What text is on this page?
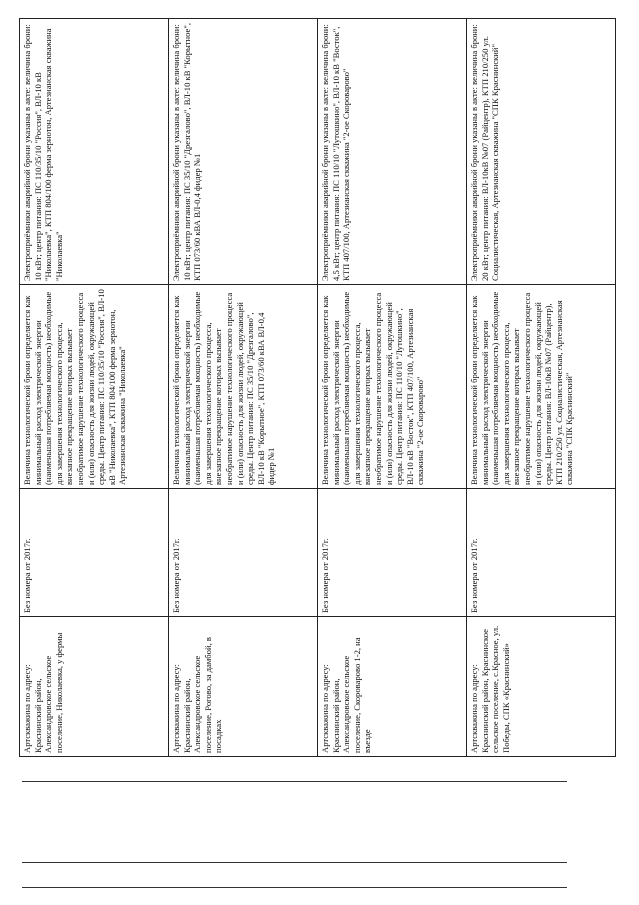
Артскважина по адресу: Краснинский район, Александровское сельское поселение, Николаевка, у фермы	Без номера от 2017г.	Величина технологической брони определяется как минимальный расход электрической энергии (наименьшая потребляемая мощность) необходимые для завершения технологического процесса, внезапное прекращение которых вызывает необратимое нарушение технологического процесса и (или) опасность для жизни людей, окружающей среды. Центр питания: ПС 110/35/10 "Россия", ВЛ-10 кВ "Николаевка", КТП 804/100 ферма зернотон, Артезианская скважина "Николаевка"	Электроприёмники аварийной брони указаны в акте: величина брони: 10 кВт; центр питания: ПС 110/35/10 "Россия", ВЛ-10 кВ "Николаевка", КТП 804/100 ферма зернотон, Артезианская скважина "Николаевка"
Артскважина по адресу: Краснинский район, Александровское сельское поселение, Рогово, за дамбой, в посадках	Без номера от 2017г.	Величина технологической брони определяется как минимальный расход электрической энергии (наименьшая потребляемая мощность) необходимые для завершения технологического процесса, внезапное прекращение которых вызывает необратимое нарушение технологического процесса и (или) опасность для жизни людей, окружающей среды. Центр питания: ПС 35/10 "Дрезгалово", ВЛ-10 кВ "Корытное", КТП 073/60 кВА ВЛ-0,4 фидер №1	Электроприёмники аварийной брони указаны в акте: величина брони: 10 кВт; центр питания: ПС 35/10 "Дрезгалово", ВЛ-10 кВ "Корытное", КТП 073/60 кВА ВЛ-0,4 фидер №1
Артскважина по адресу: Краснинский район, Александровское сельское поселение, Скороварово 1-2, на въезде	Без номера от 2017г.	Величина технологической брони определяется как минимальный расход электрической энергии (наименьшая потребляемая мощность) необходимые для завершения технологического процесса, внезапное прекращение которых вызывает необратимое нарушение технологического процесса и (или) опасность для жизни людей, окружающей среды. Центр питания: ПС 110/10 "Лутошкино", ВЛ-10 кВ "Восток", КТП 407/100, Артезианская скважина "2-ое Скороварово"	Электроприёмники аварийной брони указаны в акте: величина брони: 4,5 кВт; центр питания: ПС 110/10 "Лутошкино", ВЛ-10 кВ "Восток", КТП 407/100, Артезианская скважина "2-ое Скороварово"
Артскважина по адресу: Краснинский район, Краснинское сельское поселение, с.Красное, ул. Победы, СПК «Краснинский»	Без номера от 2017г.	Величина технологической брони определяется как минимальный расход электрической энергии (наименьшая потребляемая мощность) необходимые для завершения технологического процесса, внезапное прекращение которых вызывает необратимое нарушение технологического процесса и (или) опасность для жизни людей, окружающей среды. Центр питания: ВЛ-10кВ №07 (Райцентр), КТП 210/250 ул. Социалистическая, Артезианская скважина "СПК Краснинский"	Электроприёмники аварийной брони указаны в акте: величина брони: 20 кВт; центр питания: ВЛ-10кВ №07 (Райцентр), КТП 210/250 ул. Социалистическая, Артезианская скважина "СПК Краснинский"
